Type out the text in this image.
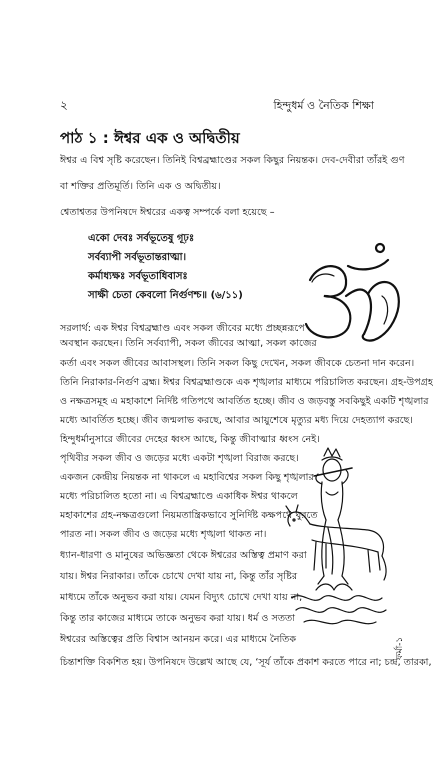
২	হিন্দুধর্ম ও নৈতিক শিক্ষা
পাঠ ১ : ঈশ্বর এক ও অদ্বিতীয়
ঈশ্বর এ বিশ্ব সৃষ্টি করেছেন। তিনিই বিশ্বব্রহ্মাণ্ডের সকল কিছুর নিয়ন্তক। দেব-দেবীরা তাঁরই গুণ
বা শক্তির প্রতিমূর্তি। তিনি এক ও অদ্বিতীয়।
শ্বেতাশ্বতর উপনিষদে ঈশ্বরের একত্ব সম্পর্কে বলা হয়েছে –
একো দেবঃ সর্বভূতেষু গূঢ়ঃ
সর্বব্যাপী সর্বভূতান্তরাত্মা।
কর্মাধ্যক্ষঃ সর্বভূতাধিবাসঃ
সাক্ষী চেতা কেবলো নির্গুণশ্চ॥ (৬/১১)
সরলার্থ: এক ঈশ্বর বিশ্বব্রহ্মাণ্ড এবং সকল জীবের মধ্যে প্রচ্ছন্নরূপে
অবস্থান করছেন। তিনি সর্বব্যাপী, সকল জীবের আত্মা, সকল কাজের
কর্তা এবং সকল জীবের আবাসস্থল। তিনি সকল কিছু দেখেন, সকল জীবকে চেতনা দান করেন।
তিনি নিরাকার-নির্গুণ ব্রহ্ম। ঈশ্বর বিশ্বব্রহ্মাণ্ডকে এক শৃঙ্খলার মাধ্যমে পরিচালিত করছেন। গ্রহ-উপগ্রহ
ও নক্ষত্রসমূহ এ মহাকাশে নির্দিষ্ট গতিপথে আবর্তিত হচ্ছে। জীব ও জড়বস্তু সবকিছুই একটি শৃঙ্খলার
মধ্যে আবর্তিত হচ্ছে। জীব জন্মলাভ করছে, আবার আয়ুশেষে মৃত্যুর মধ্য দিয়ে দেহত্যাগ করছে।
হিন্দুধর্মানুসারে জীবের দেহের ধ্বংস আছে, কিন্তু জীবাত্মার ধ্বংস নেই।
পৃথিবীর সকল জীব ও জড়ের মধ্যে একটা শৃঙ্খলা বিরাজ করছে।
একজন কেন্দ্রীয় নিয়ন্তক না থাকলে এ মহাবিশ্বের সকল কিছু শৃঙ্খলার
মধ্যে পরিচালিত হতো না। এ বিশ্বব্রহ্মাণ্ডে একাধিক ঈশ্বর থাকলে
মহাকাশের গ্রহ-নক্ষত্রগুলো নিয়মতান্ত্রিকভাবে সুনির্দিষ্ট কক্ষপথে ঘুরতে
পারত না। সকল জীব ও জড়ের মধ্যে শৃঙ্খলা থাকত না।
ধ্যান-ধারণা ও মানুষের অভিজ্ঞতা থেকে ঈশ্বরের অস্তিত্ব প্রমাণ করা
যায়। ঈশ্বর নিরাকার। তাঁকে চোখে দেখা যায় না, কিন্তু তাঁর সৃষ্টির
মাধ্যমে তাঁকে অনুভব করা যায়। যেমন বিদ্যুৎ চোখে দেখা যায় না,
কিন্তু তার কাজের মাধ্যমে তাকে অনুভব করা যায়। ধর্ম ও সততা
ঈশ্বরের অস্তিত্বের প্রতি বিশ্বাস আনয়ন করে। এর মাধ্যমে নৈতিক
চিন্তাশক্তি বিকশিত হয়। উপনিষদে উল্লেখ আছে যে, ‘সূর্য তাঁকে প্রকাশ করতে পারে না; চন্দ্র, তারকা,
ফর্মা-১
